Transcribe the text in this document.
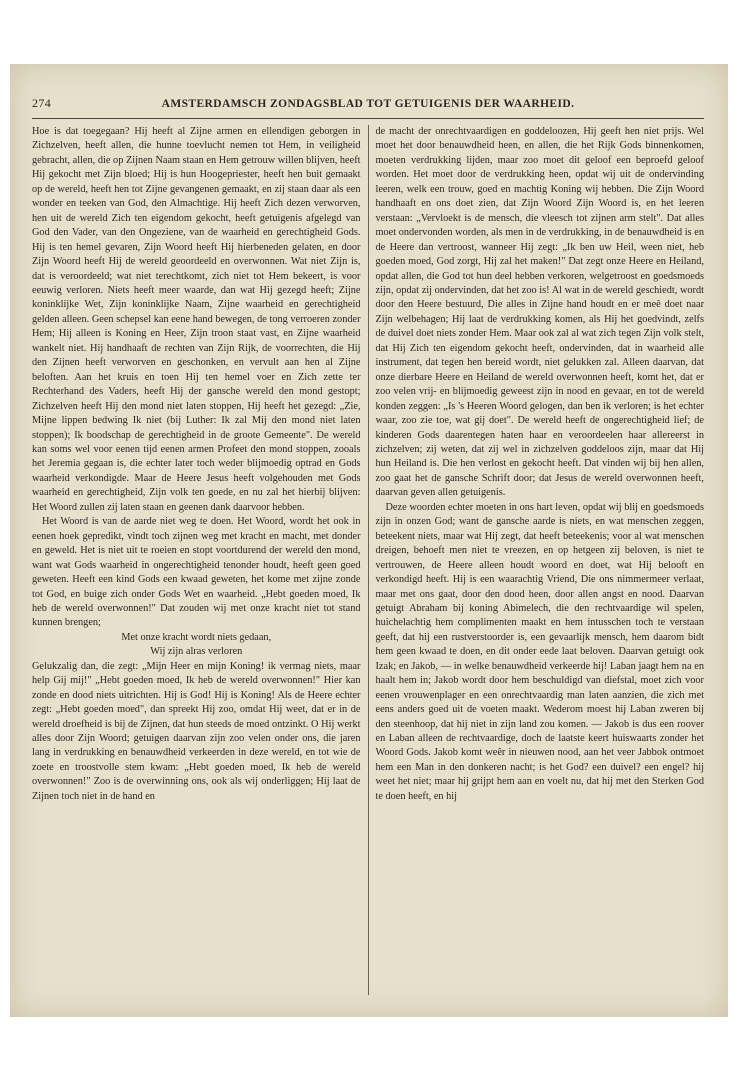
274	AMSTERDAMSCH ZONDAGSBLAD TOT GETUIGENIS DER WAARHEID.

Hoe is dat toegegaan? Hij heeft al Zijne armen en ellendigen geborgen in Zichzelven, heeft allen, die hunne toevlucht nemen tot Hem, in veiligheid gebracht, allen, die op Zijnen Naam staan en Hem getrouw willen blijven, heeft Hij gekocht met Zijn bloed; Hij is hun Hoogepriester, heeft hen buit gemaakt op de wereld, heeft hen tot Zijne gevangenen gemaakt, en zij staan daar als een wonder en teeken van God, den Almachtige. Hij heeft Zich dezen verworven, hen uit de wereld Zich ten eigendom gekocht, heeft getuigenis afgelegd van God den Vader, van den Ongeziene, van de waarheid en gerechtigheid Gods. Hij is ten hemel gevaren, Zijn Woord heeft Hij hierbeneden gelaten, en door Zijn Woord heeft Hij de wereld geoordeeld en overwonnen. Wat niet Zijn is, dat is veroordeeld; wat niet terechtkomt, zich niet tot Hem bekeert, is voor eeuwig verloren. Niets heeft meer waarde, dan wat Hij gezegd heeft; Zijne koninklijke Wet, Zijn koninklijke Naam, Zijne waarheid en gerechtigheid gelden alleen. Geen schepsel kan eene hand bewegen, de tong verroeren zonder Hem; Hij alleen is Koning en Heer, Zijn troon staat vast, en Zijne waarheid wankelt niet. Hij handhaaft de rechten van Zijn Rijk, de voorrechten, die Hij den Zijnen heeft verworven en geschonken, en vervult aan hen al Zijne beloften. Aan het kruis en toen Hij ten hemel voer en Zich zette ter Rechterhand des Vaders, heeft Hij der gansche wereld den mond gestopt; Zichzelven heeft Hij den mond niet laten stoppen, Hij heeft het gezegd: „Zie, Mijne lippen bedwing Ik niet (bij Luther: Ik zal Mij den mond niet laten stoppen); Ik boodschap de gerechtigheid in de groote Gemeente". De wereld kan soms wel voor eenen tijd eenen armen Profeet den mond stoppen, zooals het Jeremia gegaan is, die echter later toch weder blijmoedig optrad en Gods waarheid verkondigde. Maar de Heere Jesus heeft volgehouden met Gods waarheid en gerechtigheid, Zijn volk ten goede, en nu zal het hierbij blijven: Het Woord zullen zij laten staan en geenen dank daarvoor hebben.

Het Woord is van de aarde niet weg te doen. Het Woord, wordt het ook in eenen hoek gepredikt, vindt toch zijnen weg met kracht en macht, met donder en geweld. Het is niet uit te roeien en stopt voortdurend der wereld den mond, want wat Gods waarheid in ongerechtigheid tenonder houdt, heeft geen goed geweten. Heeft een kind Gods een kwaad geweten, het kome met zijne zonde tot God, en buige zich onder Gods Wet en waarheid. „Hebt goeden moed, Ik heb de wereld overwonnen!" Dat zouden wij met onze kracht niet tot stand kunnen brengen;

Met onze kracht wordt niets gedaan,
Wij zijn alras verloren

Gelukzalig dan, die zegt: „Mijn Heer en mijn Koning! ik vermag niets, maar help Gij mij!" „Hebt goeden moed, Ik heb de wereld overwonnen!" Hier kan zonde en dood niets uitrichten. Hij is God! Hij is Koning! Als de Heere echter zegt: „Hebt goeden moed", dan spreekt Hij zoo, omdat Hij weet, dat er in de wereld droefheid is bij de Zijnen, dat hun steeds de moed ontzinkt. O Hij werkt alles door Zijn Woord; getuigen daarvan zijn zoo velen onder ons, die jaren lang in verdrukking en benauwdheid verkeerden in deze wereld, en tot wie de zoete en troostvolle stem kwam: „Hebt goeden moed, Ik heb de wereld overwonnen!" Zoo is de overwinning ons, ook als wij onderliggen; Hij laat de Zijnen toch niet in de hand en

de macht der onrechtvaardigen en goddeloozen, Hij geeft hen niet prijs. Wel moet het door benauwdheid heen, en allen, die het Rijk Gods binnenkomen, moeten verdrukking lijden, maar zoo moet dit geloof een beproefd geloof worden. Het moet door de verdrukking heen, opdat wij uit de ondervinding leeren, welk een trouw, goed en machtig Koning wij hebben. Die Zijn Woord handhaaft en ons doet zien, dat Zijn Woord Zijn Woord is, en het leeren verstaan: „Vervloekt is de mensch, die vleesch tot zijnen arm stelt". Dat alles moet ondervonden worden, als men in de verdrukking, in de benauwdheid is en de Heere dan vertroost, wanneer Hij zegt: „Ik ben uw Heil, ween niet, heb goeden moed, God zorgt, Hij zal het maken!" Dat zegt onze Heere en Heiland, opdat allen, die God tot hun deel hebben verkoren, welgetroost en goedsmoeds zijn, opdat zij ondervinden, dat het zoo is! Al wat in de wereld geschiedt, wordt door den Heere bestuurd, Die alles in Zijne hand houdt en er meê doet naar Zijn welbehagen; Hij laat de verdrukking komen, als Hij het goedvindt, zelfs de duivel doet niets zonder Hem. Maar ook zal al wat zich tegen Zijn volk stelt, dat Hij Zich ten eigendom gekocht heeft, ondervinden, dat in waarheid alle instrument, dat tegen hen bereid wordt, niet gelukken zal. Alleen daarvan, dat onze dierbare Heere en Heiland de wereld overwonnen heeft, komt het, dat er zoo velen vrij- en blijmoedig geweest zijn in nood en gevaar, en tot de wereld konden zeggen: „Is 's Heeren Woord gelogen, dan ben ik verloren; is het echter waar, zoo zie toe, wat gij doet". De wereld heeft de ongerechtigheid lief; de kinderen Gods daarentegen haten haar en veroordeelen haar allereerst in zichzelven; zij weten, dat zij wel in zichzelven goddeloos zijn, maar dat Hij hun Heiland is. Die hen verlost en gekocht heeft. Dat vinden wij bij hen allen, zoo gaat het de gansche Schrift door; dat Jesus de wereld overwonnen heeft, daarvan geven allen getuigenis.

Deze woorden echter moeten in ons hart leven, opdat wij blij en goedsmoeds zijn in onzen God; want de gansche aarde is niets, en wat menschen zeggen, beteekent niets, maar wat Hij zegt, dat heeft beteekenis; voor al wat menschen dreigen, behoeft men niet te vreezen, en op hetgeen zij beloven, is niet te vertrouwen, de Heere alleen houdt woord en doet, wat Hij belooft en verkondigd heeft. Hij is een waarachtig Vriend, Die ons nimmermeer verlaat, maar met ons gaat, door den dood heen, door allen angst en nood. Daarvan getuigt Abraham bij koning Abimelech, die den rechtvaardige wil spelen, huichelachtig hem complimenten maakt en hem intusschen toch te verstaan geeft, dat hij een rustverstoorder is, een gevaarlijk mensch, hem daarom bidt hem geen kwaad te doen, en dit onder eede laat beloven. Daarvan getuigt ook Izak; en Jakob, — in welke benauwdheid verkeerde hij! Laban jaagt hem na en haalt hem in; Jakob wordt door hem beschuldigd van diefstal, moet zich voor eenen vrouwenplager en een onrechtvaardig man laten aanzien, die zich met eens anders goed uit de voeten maakt. Wederom moest hij Laban zweren bij den steenhoop, dat hij niet in zijn land zou komen. — Jakob is dus een roover en Laban alleen de rechtvaardige, doch de laatste keert huiswaarts zonder het Woord Gods. Jakob komt weêr in nieuwen nood, aan het veer Jabbok ontmoet hem een Man in den donkeren nacht; is het God? een duivel? een engel? hij weet het niet; maar hij grijpt hem aan en voelt nu, dat hij met den Sterken God te doen heeft, en hij
